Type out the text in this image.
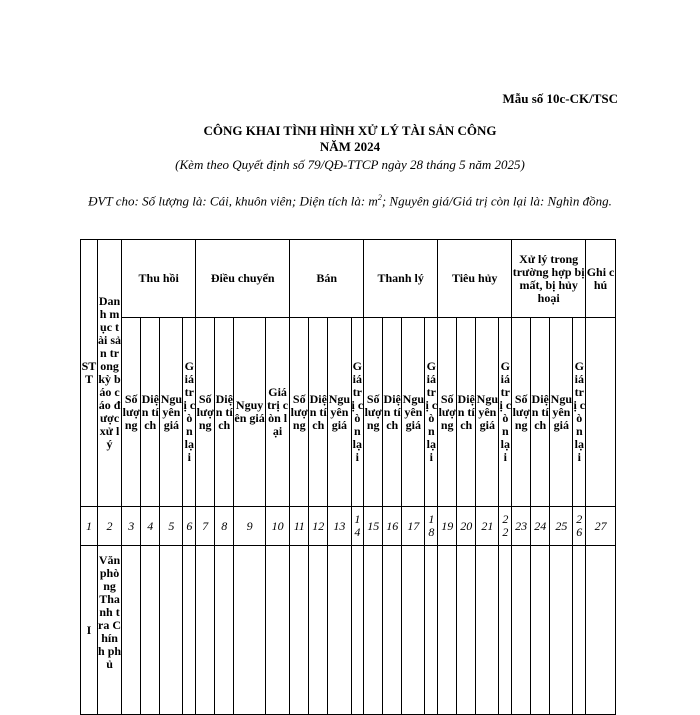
Mẫu số 10c-CK/TSC
CÔNG KHAI TÌNH HÌNH XỬ LÝ TÀI SẢN CÔNG
NĂM 2024
(Kèm theo Quyết định số 79/QĐ-TTCP ngày 28 tháng 5 năm 2025)
ĐVT cho: Số lượng là: Cái, khuôn viên; Diện tích là: $m^2$; Nguyên giá/Giá trị còn lại là: Nghìn đồng.
STT	Danh mục tài sản trong kỳ báo cáo được xử lý	Thu hồi				Điều chuyển				Bán				Thanh lý				Tiêu hủy				Xử lý trong trường hợp bị mất, bị hủy hoại				Ghi chú
		Số lượng	Diện tích	Nguyên giá	Giá trị còn lại	Số lượng	Diện tích	Nguyên giá	Giá trị còn lại	Số lượng	Diện tích	Nguyên giá	Giá trị còn lại	Số lượng	Diện tích	Nguyên giá	Giá trị còn lại	Số lượng	Diện tích	Nguyên giá	Giá trị còn lại	Số lượng	Diện tích	Nguyên giá	Giá trị còn lại	
1	2	3	4	5	6	7	8	9	10	11	12	13	14	15	16	17	18	19	20	21	22	23	24	25	26	27
I	Văn phòng Thanh tra Chính phủ																									
